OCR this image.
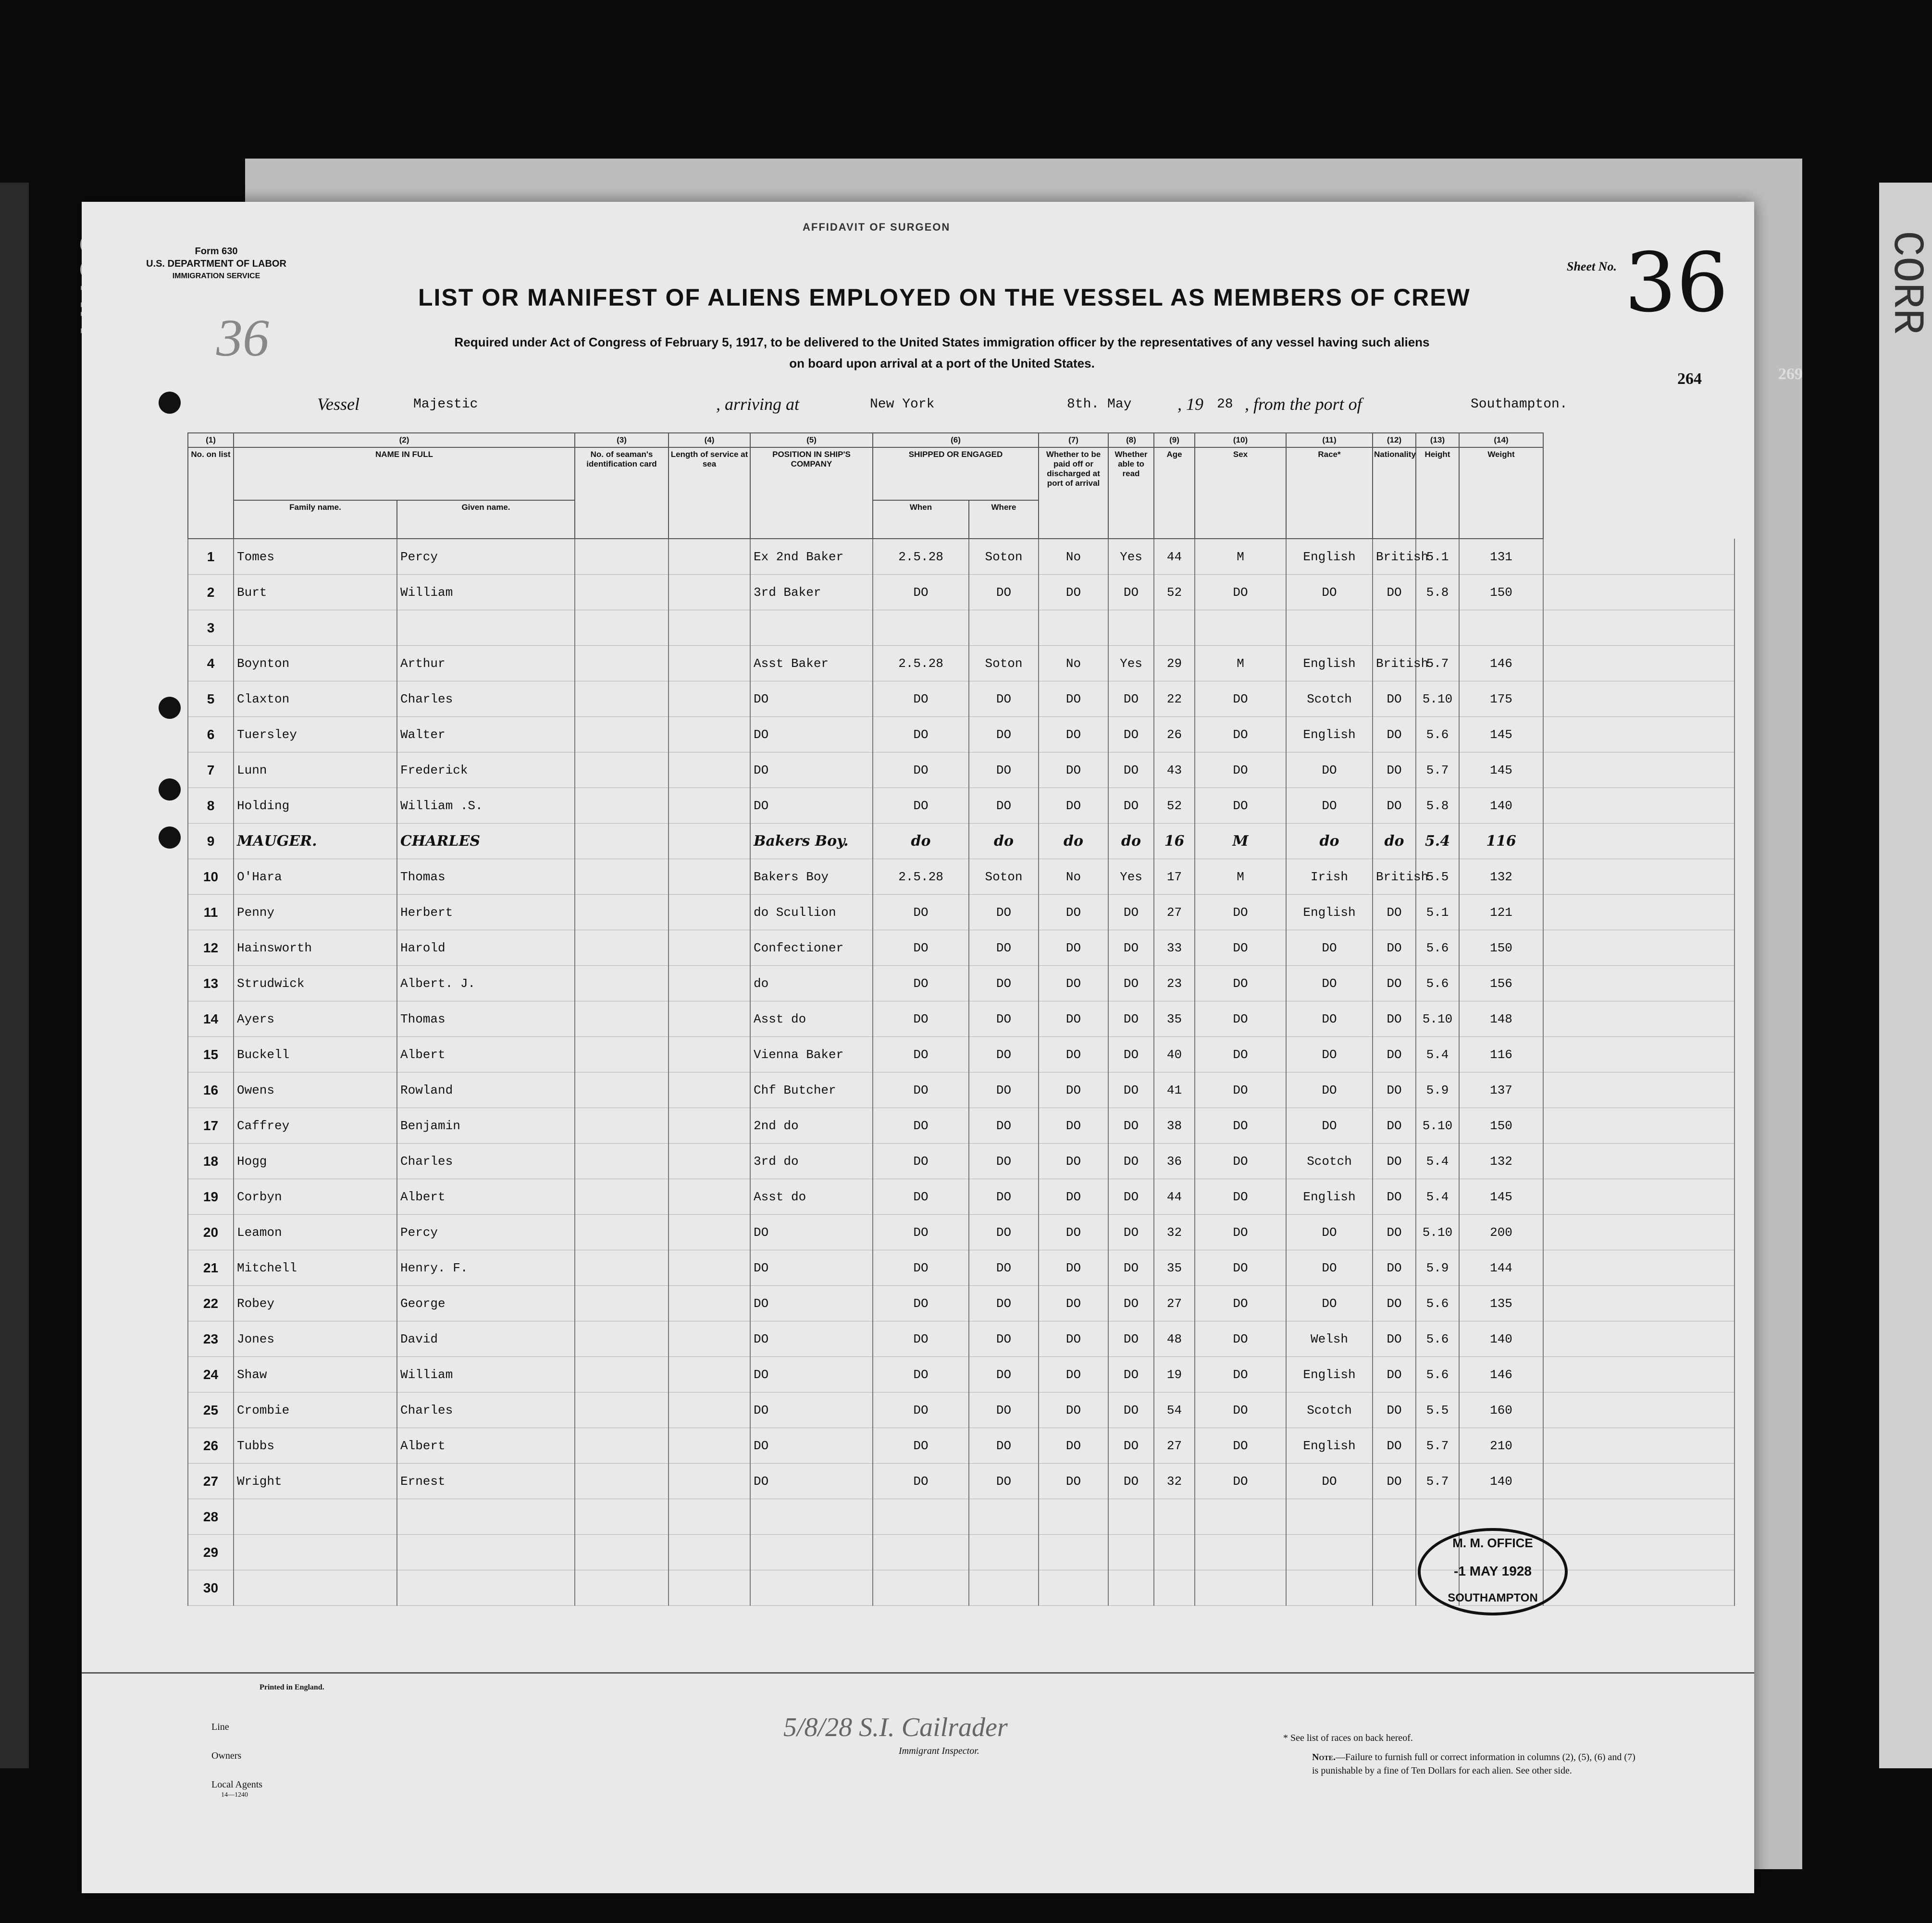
CORR
269
Form 630
U.S. DEPARTMENT OF LABOR
IMMIGRATION SERVICE
AFFIDAVIT OF SURGEON
Sheet No. 36
36
LIST OR MANIFEST OF ALIENS EMPLOYED ON THE VESSEL AS MEMBERS OF CREW
Required under Act of Congress of February 5, 1917, to be delivered to the United States immigration officer by the representatives of any vessel having such aliens
on board upon arrival at a port of the United States.
264
Vessel	Majestic	, arriving at	New York	8th. May	, 19 28 , from the port of	Southampton.
(1)	(2)		(3)	(4)	(5)	(6)		(7)	(8)	(9)	(10)	(11)	(12)	(13)	(14)	
No. on list	NAME IN FULL		No. of seaman's identification card	Length of service at sea	POSITION IN SHIP'S COMPANY	SHIPPED OR ENGAGED		Whether to be paid off or discharged at port of arrival	Whether able to read	Age	Sex	Race*	Nationality	Height	Weight	
	Family name.	Given name.				When	Where									
1	Tomes	Percy			Ex 2nd Baker	2.5.28	Soton	No	Yes	44	M	English	British	5.1	131	
2	Burt	William			3rd Baker	DO	DO	DO	DO	52	DO	DO	DO	5.8	150	
3																
4	Boynton	Arthur			Asst Baker	2.5.28	Soton	No	Yes	29	M	English	British	5.7	146	
5	Claxton	Charles			DO	DO	DO	DO	DO	22	DO	Scotch	DO	5.10	175	
6	Tuersley	Walter			DO	DO	DO	DO	DO	26	DO	English	DO	5.6	145	
7	Lunn	Frederick			DO	DO	DO	DO	DO	43	DO	DO	DO	5.7	145	
8	Holding	William .S.			DO	DO	DO	DO	DO	52	DO	DO	DO	5.8	140	
9	MAUGER.	CHARLES			Bakers Boy.	do	do	do	do	16	M	do	do	5.4	116	
10	O'Hara	Thomas			Bakers Boy	2.5.28	Soton	No	Yes	17	M	Irish	British	5.5	132	
11	Penny	Herbert			do Scullion	DO	DO	DO	DO	27	DO	English	DO	5.1	121	
12	Hainsworth	Harold			Confectioner	DO	DO	DO	DO	33	DO	DO	DO	5.6	150	
13	Strudwick	Albert. J.			do	DO	DO	DO	DO	23	DO	DO	DO	5.6	156	
14	Ayers	Thomas			Asst do	DO	DO	DO	DO	35	DO	DO	DO	5.10	148	
15	Buckell	Albert			Vienna Baker	DO	DO	DO	DO	40	DO	DO	DO	5.4	116	
16	Owens	Rowland			Chf Butcher	DO	DO	DO	DO	41	DO	DO	DO	5.9	137	
17	Caffrey	Benjamin			2nd do	DO	DO	DO	DO	38	DO	DO	DO	5.10	150	
18	Hogg	Charles			3rd do	DO	DO	DO	DO	36	DO	Scotch	DO	5.4	132	
19	Corbyn	Albert			Asst do	DO	DO	DO	DO	44	DO	English	DO	5.4	145	
20	Leamon	Percy			DO	DO	DO	DO	DO	32	DO	DO	DO	5.10	200	
21	Mitchell	Henry. F.			DO	DO	DO	DO	DO	35	DO	DO	DO	5.9	144	
22	Robey	George			DO	DO	DO	DO	DO	27	DO	DO	DO	5.6	135	
23	Jones	David			DO	DO	DO	DO	DO	48	DO	Welsh	DO	5.6	140	
24	Shaw	William			DO	DO	DO	DO	DO	19	DO	English	DO	5.6	146	
25	Crombie	Charles			DO	DO	DO	DO	DO	54	DO	Scotch	DO	5.5	160	
26	Tubbs	Albert			DO	DO	DO	DO	DO	27	DO	English	DO	5.7	210	
27	Wright	Ernest			DO	DO	DO	DO	DO	32	DO	DO	DO	5.7	140	
28																
29																
30																
M. M. OFFICE
-1 MAY 1928
SOUTHAMPTON
Printed in England.
Line
Owners
Local Agents
14—1240
5/8/28 S.I. Cailrader
Immigrant Inspector.
* See list of races on back hereof.
Note.—Failure to furnish full or correct information in columns (2), (5), (6) and (7)
is punishable by a fine of Ten Dollars for each alien. See other side.
